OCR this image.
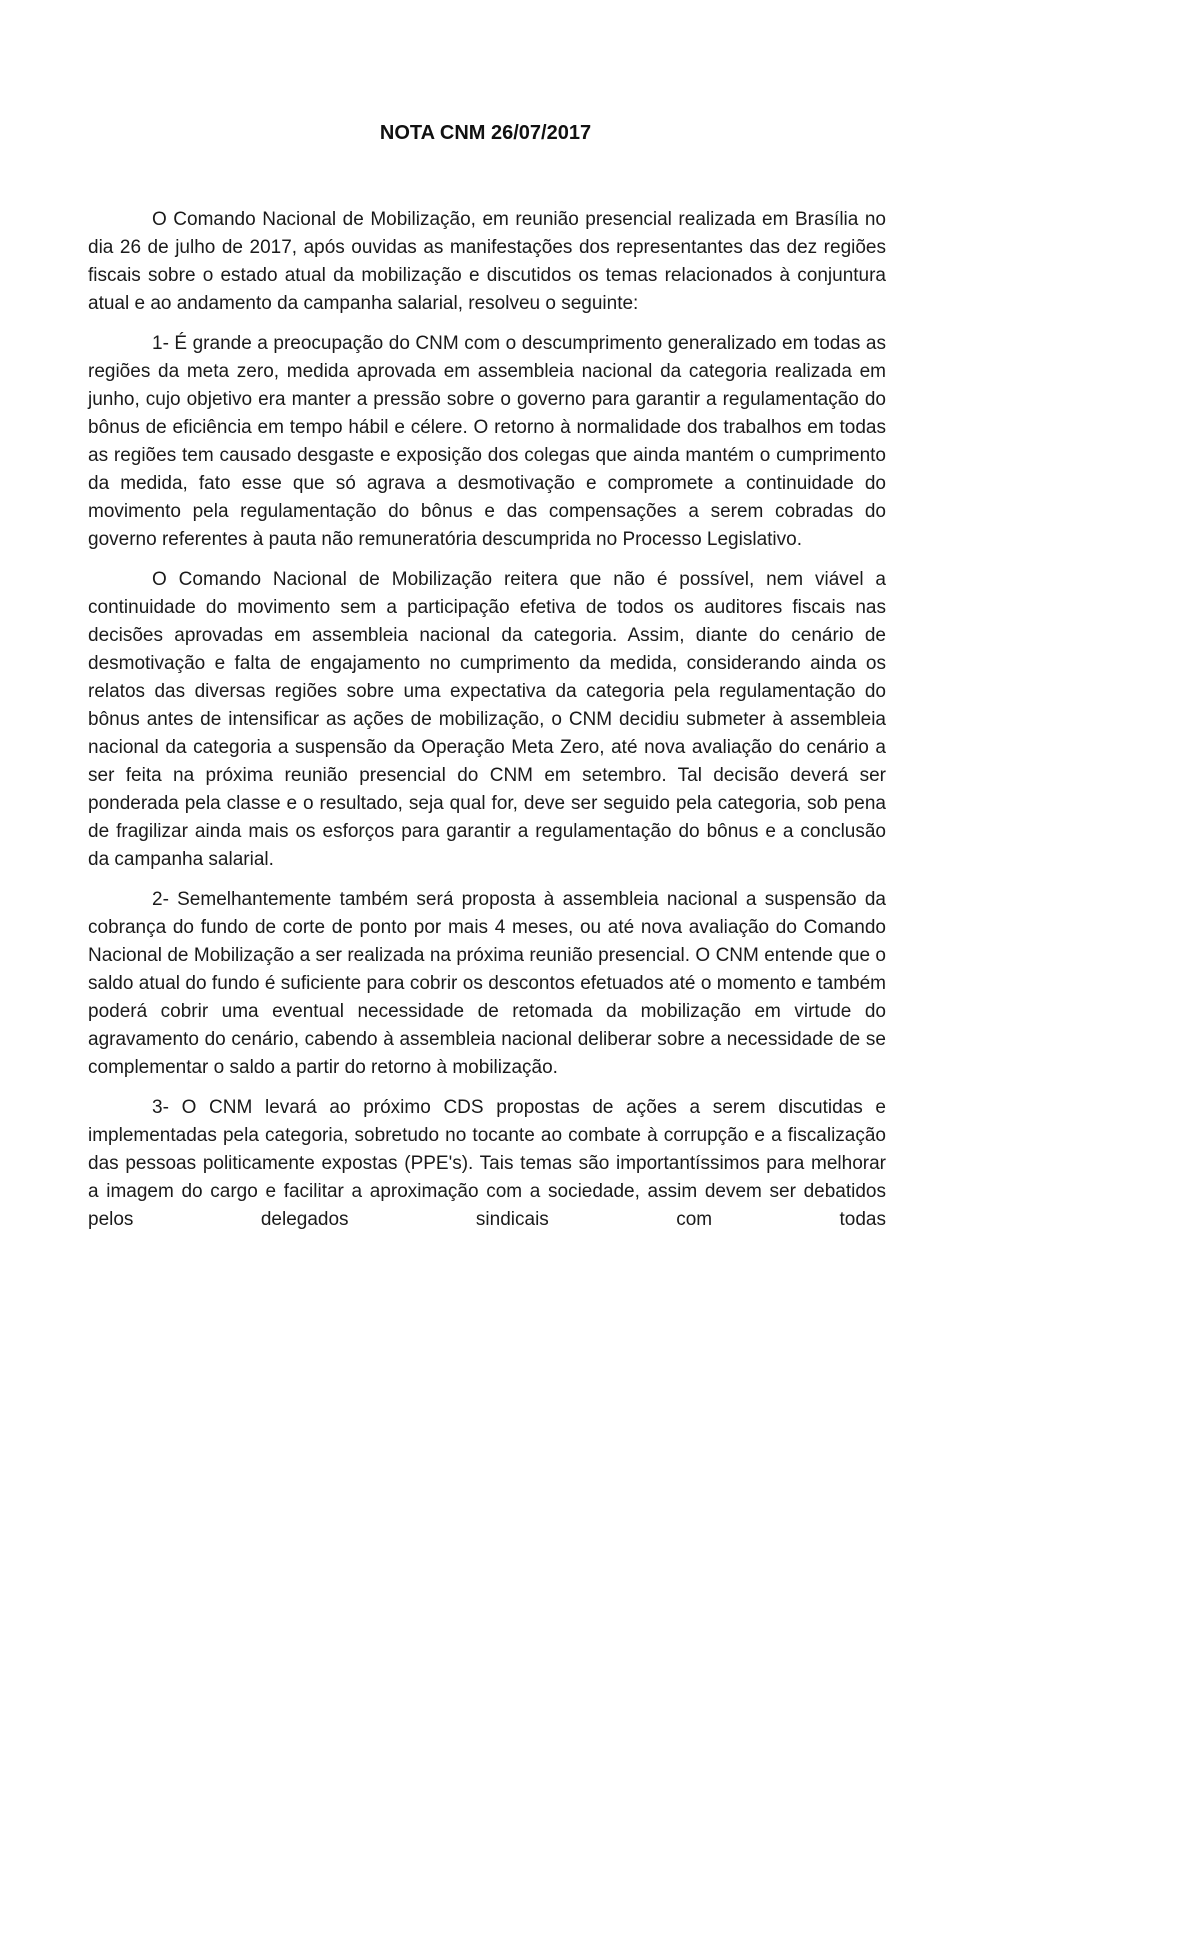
NOTA CNM 26/07/2017

O Comando Nacional de Mobilização, em reunião presencial realizada em Brasília no dia 26 de julho de 2017, após ouvidas as manifestações dos representantes das dez regiões fiscais sobre o estado atual da mobilização e discutidos os temas relacionados à conjuntura atual e ao andamento da campanha salarial, resolveu o seguinte:

1- É grande a preocupação do CNM com o descumprimento generalizado em todas as regiões da meta zero, medida aprovada em assembleia nacional da categoria realizada em junho, cujo objetivo era manter a pressão sobre o governo para garantir a regulamentação do bônus de eficiência em tempo hábil e célere. O retorno à normalidade dos trabalhos em todas as regiões tem causado desgaste e exposição dos colegas que ainda mantém o cumprimento da medida, fato esse que só agrava a desmotivação e compromete a continuidade do movimento pela regulamentação do bônus e das compensações a serem cobradas do governo referentes à pauta não remuneratória descumprida no Processo Legislativo.

O Comando Nacional de Mobilização reitera que não é possível, nem viável a continuidade do movimento sem a participação efetiva de todos os auditores fiscais nas decisões aprovadas em assembleia nacional da categoria. Assim, diante do cenário de desmotivação e falta de engajamento no cumprimento da medida, considerando ainda os relatos das diversas regiões sobre uma expectativa da categoria pela regulamentação do bônus antes de intensificar as ações de mobilização, o CNM decidiu submeter à assembleia nacional da categoria a suspensão da Operação Meta Zero, até nova avaliação do cenário a ser feita na próxima reunião presencial do CNM em setembro. Tal decisão deverá ser ponderada pela classe e o resultado, seja qual for, deve ser seguido pela categoria, sob pena de fragilizar ainda mais os esforços para garantir a regulamentação do bônus e a conclusão da campanha salarial.

2- Semelhantemente também será proposta à assembleia nacional a suspensão da cobrança do fundo de corte de ponto por mais 4 meses, ou até nova avaliação do Comando Nacional de Mobilização a ser realizada na próxima reunião presencial. O CNM entende que o saldo atual do fundo é suficiente para cobrir os descontos efetuados até o momento e também poderá cobrir uma eventual necessidade de retomada da mobilização em virtude do agravamento do cenário, cabendo à assembleia nacional deliberar sobre a necessidade de se complementar o saldo a partir do retorno à mobilização.

3- O CNM levará ao próximo CDS propostas de ações a serem discutidas e implementadas pela categoria, sobretudo no tocante ao combate à corrupção e a fiscalização das pessoas politicamente expostas (PPE's). Tais temas são importantíssimos para melhorar a imagem do cargo e facilitar a aproximação com a sociedade, assim devem ser debatidos pelos delegados sindicais com todas
